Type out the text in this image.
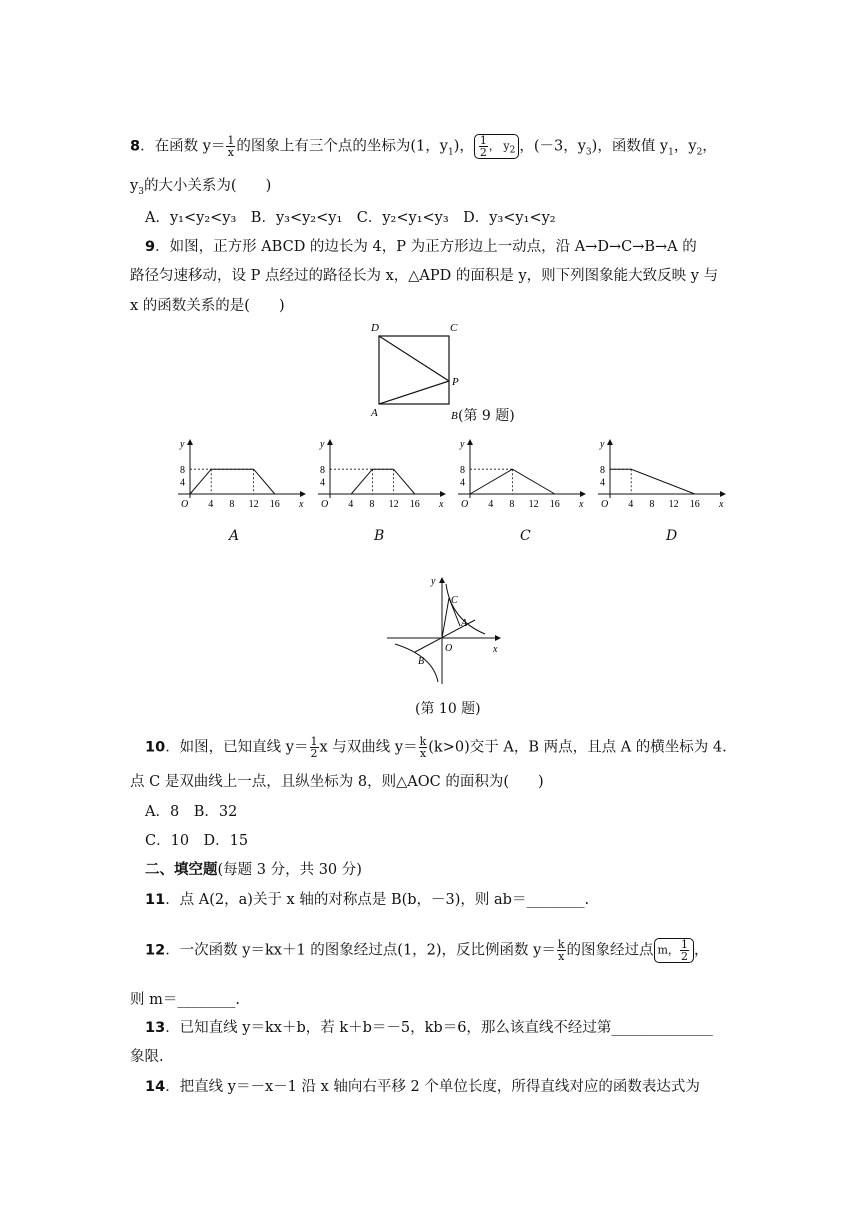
8．在函数 $y= \frac{1}{x}$ 的图象上有三个点的坐标为(1，$y_1$)， $\frac{1}{2}$ ， $y_2$ ，(－3，$y_3$)，函数值 $y_1$，$y_2$，
$y_3$的大小关系为(　　)
A．y₁<y₂<y₃　B．y₃<y₂<y₁　C．y₂<y₁<y₃　D．y₃<y₁<y₂
9．如图，正方形 ABCD 的边长为 4，P 为正方形边上一动点，沿 A→D→C→B→A 的
路径匀速移动，设 P 点经过的路径长为 x，△APD 的面积是 y，则下列图象能大致反映 y 与
x 的函数关系的是(　　)
D	C
P
A	B (第 9 题)
y
x
O
8
4
4 8 12 16
y
x
O
8
4
4 8 12 16
y
x
O
8
4
4 8 12 16
y
x
O
8
4
4 8 12 16
A	B	C	D
y
x
O
C
A
B
(第 10 题)
10．如图，已知直线 $y= \frac{1}{2}$ x 与双曲线 $y= \frac{k}{x} (k>0)$交于 A，B 两点，且点 A 的横坐标为 4.
点 C 是双曲线上一点，且纵坐标为 8，则△AOC 的面积为(　　)
A．8　B．32
C．10　D．15
二、填空题(每题 3 分，共 30 分)
11．点 A(2，a)关于 x 轴的对称点是 B(b，－3)，则 ab＝________.
12．一次函数 y＝kx＋1 的图象经过点(1，2)，反比例函数 $y= \frac{k}{x}$ 的图象经过点 m， $\frac{1}{2}$ ，
则 m＝________.
13．已知直线 y＝kx＋b，若 k＋b＝－5，kb＝6，那么该直线不经过第______________
象限.
14．把直线 y＝－x－1 沿 x 轴向右平移 2 个单位长度，所得直线对应的函数表达式为
